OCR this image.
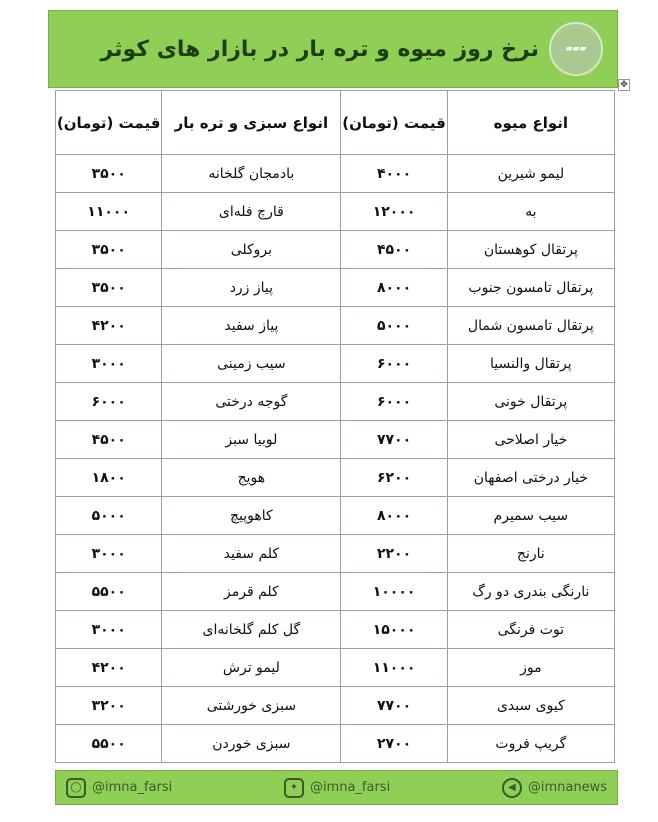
▰▰▰
نرخ روز میوه و تره بار در بازار های کوثر
✥
انواع میوه	قیمت (تومان)	انواع سبزی و تره بار	قیمت (تومان)
لیمو شیرین	۴۰۰۰	بادمجان گلخانه	۳۵۰۰
به	۱۲۰۰۰	قارچ فله‌ای	۱۱۰۰۰
پرتقال کوهستان	۴۵۰۰	بروکلی	۳۵۰۰
پرتقال تامسون جنوب	۸۰۰۰	پیاز زرد	۳۵۰۰
پرتقال تامسون شمال	۵۰۰۰	پیاز سفید	۴۲۰۰
پرتقال والنسیا	۶۰۰۰	سیب زمینی	۳۰۰۰
پرتقال خونی	۶۰۰۰	گوجه درختی	۶۰۰۰
خیار اصلاحی	۷۷۰۰	لوبیا سبز	۴۵۰۰
خیار درختی اصفهان	۶۲۰۰	هویج	۱۸۰۰
سیب سمیرم	۸۰۰۰	کاهوپیچ	۵۰۰۰
نارنج	۲۲۰۰	کلم سفید	۳۰۰۰
نارنگی بندری دو رگ	۱۰۰۰۰	کلم قرمز	۵۵۰۰
توت فرنگی	۱۵۰۰۰	گل کلم گلخانه‌ای	۳۰۰۰
موز	۱۱۰۰۰	لیمو ترش	۴۲۰۰
کیوی سبدی	۷۷۰۰	سبزی خورشتی	۳۲۰۰
گریپ فروت	۲۷۰۰	سبزی خوردن	۵۵۰۰
◯ @imna_farsi	✦ @imna_farsi	◀ @imnanews
